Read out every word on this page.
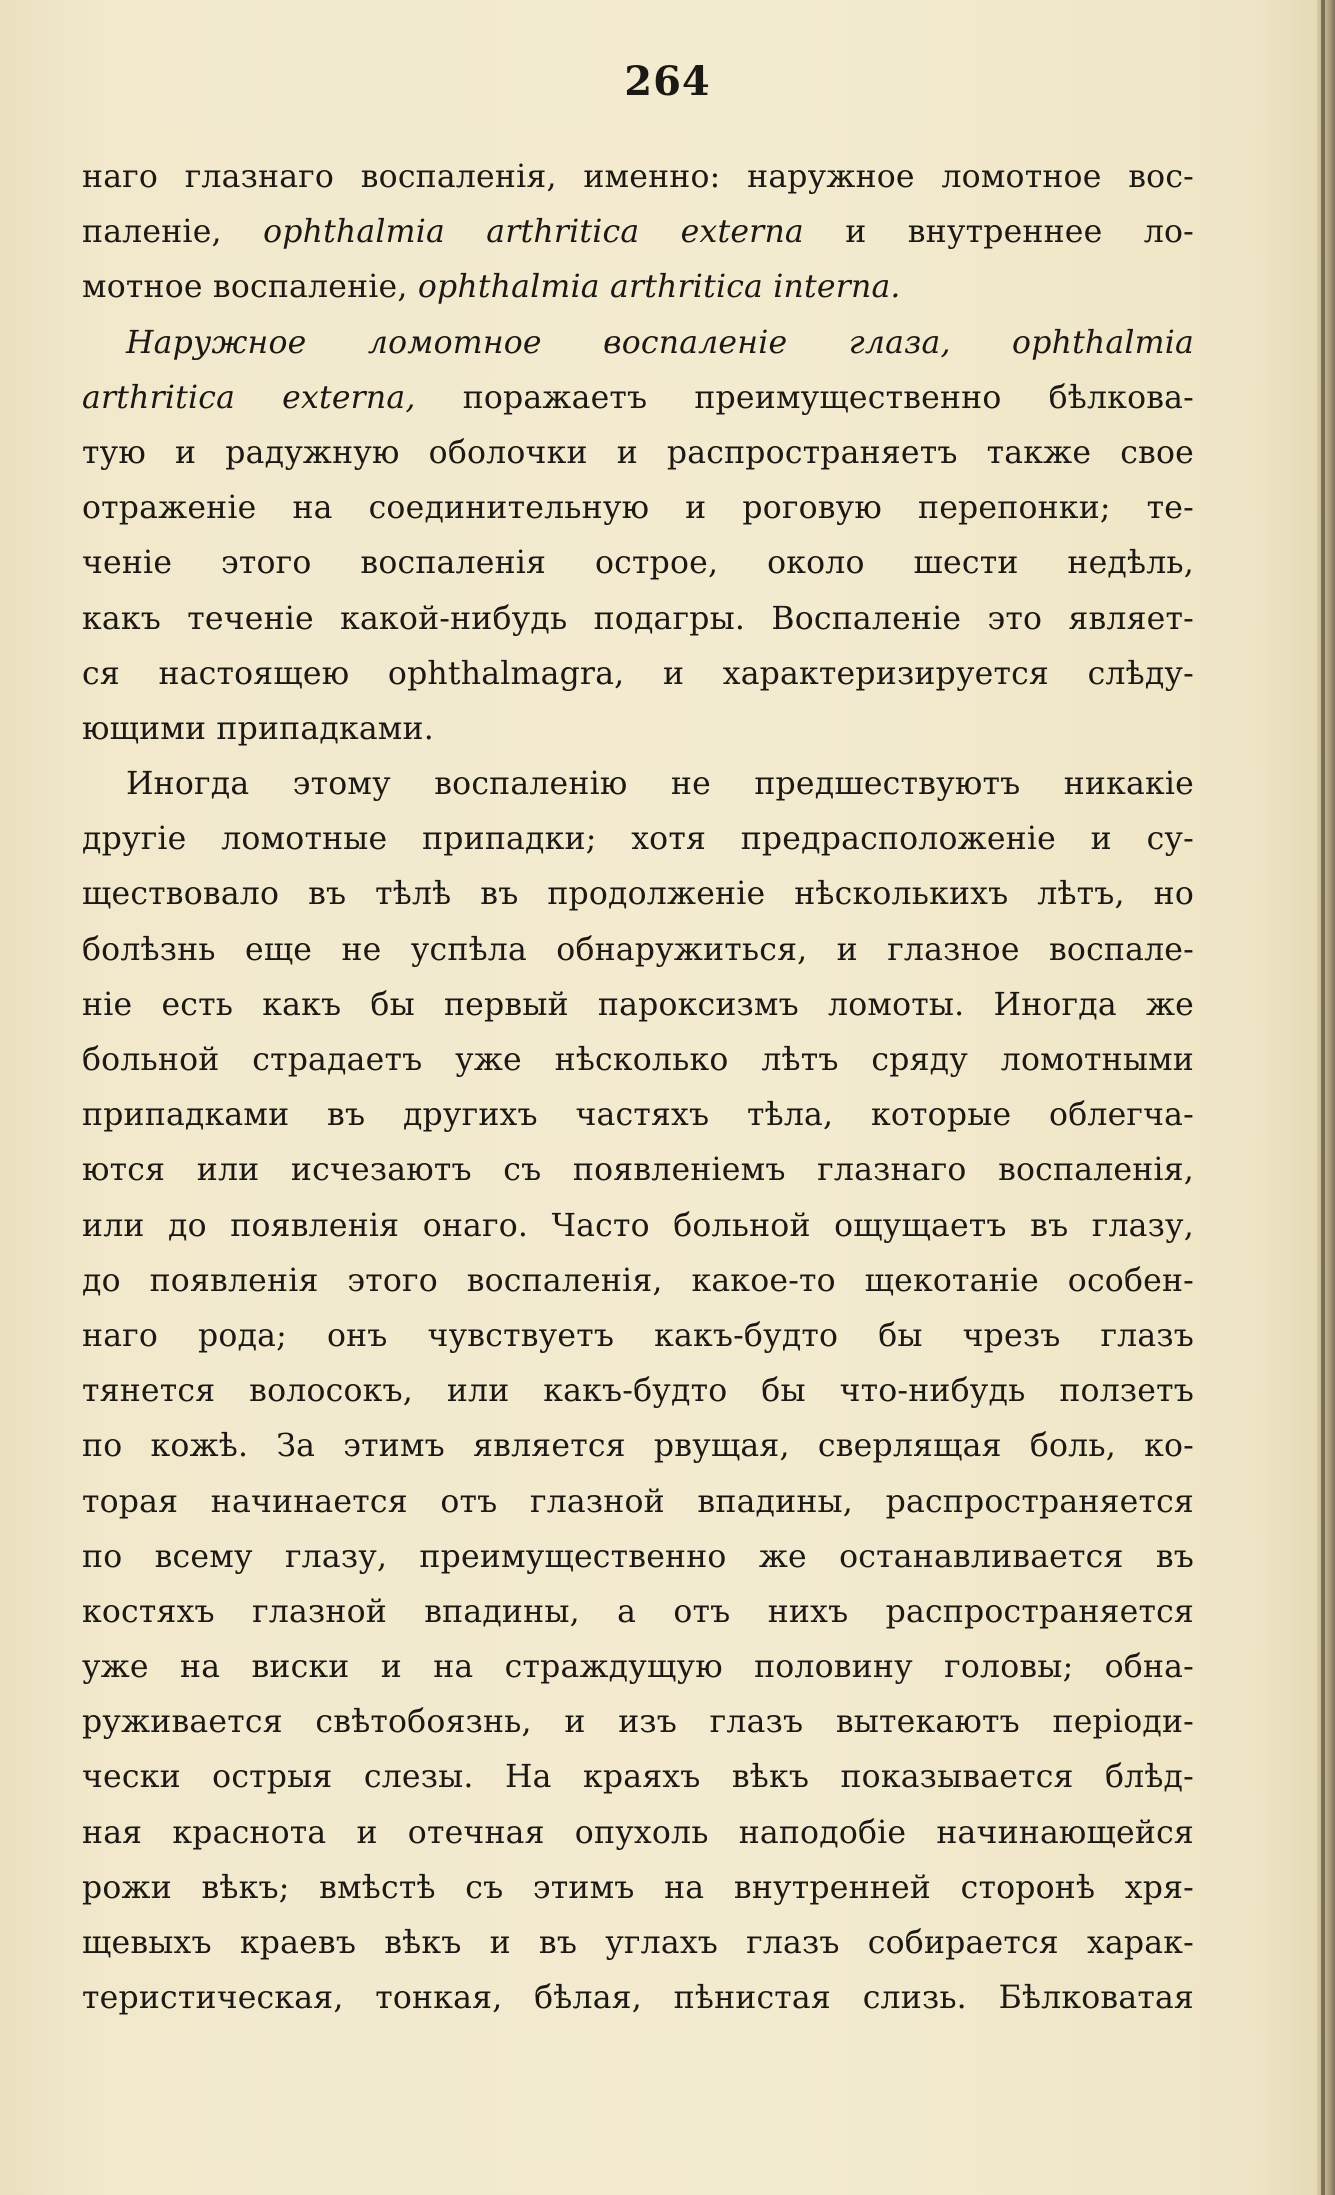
264
наго глазнаго воспаленія, именно: наружное ломотное вос-
паленіе, ophthalmia arthritica externa и внутреннее ло-
мотное воспаленіе, ophthalmia arthritica interna.
Наружное ломотное воспаленіе глаза, ophthalmia
arthritica externa, поражаетъ преимущественно бѣлкова-
тую и радужную оболочки и распространяетъ также свое
отраженіе на соединительную и роговую перепонки; те-
ченіе этого воспаленія острое, около шести недѣль,
какъ теченіе какой-нибудь подагры. Воспаленіе это являет-
ся настоящею ophthalmagra, и характеризируется слѣду-
ющими припадками.
Иногда этому воспаленію не предшествуютъ никакіе
другіе ломотные припадки; хотя предрасположеніе и су-
ществовало въ тѣлѣ въ продолженіе нѣсколькихъ лѣтъ, но
болѣзнь еще не успѣла обнаружиться, и глазное воспале-
ніе есть какъ бы первый пароксизмъ ломоты. Иногда же
больной страдаетъ уже нѣсколько лѣтъ сряду ломотными
припадками въ другихъ частяхъ тѣла, которые облегча-
ются или исчезаютъ съ появленіемъ глазнаго воспаленія,
или до появленія онаго. Часто больной ощущаетъ въ глазу,
до появленія этого воспаленія, какое-то щекотаніе особен-
наго рода; онъ чувствуетъ какъ-будто бы чрезъ глазъ
тянется волосокъ, или какъ-будто бы что-нибудь ползетъ
по кожѣ. За этимъ является рвущая, сверлящая боль, ко-
торая начинается отъ глазной впадины, распространяется
по всему глазу, преимущественно же останавливается въ
костяхъ глазной впадины, а отъ нихъ распространяется
уже на виски и на страждущую половину головы; обна-
руживается свѣтобоязнь, и изъ глазъ вытекаютъ періоди-
чески острыя слезы. На краяхъ вѣкъ показывается блѣд-
ная краснота и отечная опухоль наподобіе начинающейся
рожи вѣкъ; вмѣстѣ съ этимъ на внутренней сторонѣ хря-
щевыхъ краевъ вѣкъ и въ углахъ глазъ собирается харак-
теристическая, тонкая, бѣлая, пѣнистая слизь. Бѣлковатая
